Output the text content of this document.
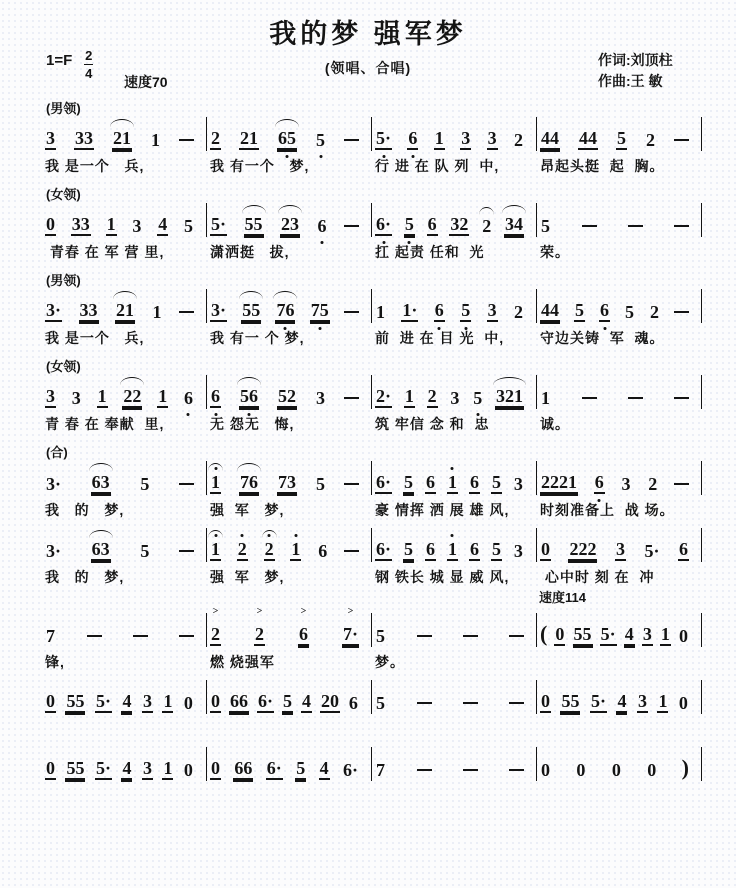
我的梦 强军梦
1=F 2
4
速度70
(领唱、合唱)	作词:刘顶柱
作曲:王 敏
(男领)
3 33 21 1
我 是一个   兵,
2 21 65 5
我 有一个   梦,
5· 6 1 3 3 2
行 进 在 队 列  中,
44 44 5 2
昂起头挺  起  胸。
(女领)
0 33 1 3 4 5
青春 在 军 营 里,
5· 55 23 6
潇洒挺   拔,
6· 5 6 32 2 34
扛 起责 任和  光
5
荣。
(男领)
3· 33 21 1
我 是一个   兵,
3· 55 76 75
我 有一 个 梦,
1 1· 6 5 3 2
前  进 在 目 光  中,
44 5 6 5 2
守边关铸  军  魂。
(女领)
3 3 1 22 1 6
青 春 在 奉献  里,
6 56 52 3
无 怨无   悔,
2· 1 2 3 5 321
筑 牢信 念 和  忠
1
诚。
(合)
3· 63 5
我   的   梦,
1 76 73 5
强  军   梦,
6· 5 6 1 6 5 3
豪 情挥 洒 展 雄 风,
2221 6 3 2
时刻准备上  战 场。
3· 63 5
我   的   梦,
1 2 2 1 6
强  军   梦,
6· 5 6 1 6 5 3
钢 铁长 城 显 威 风,
0 222 3 5· 6
心中时 刻 在  冲
速度114
7
锋,
>
2
>
2
>
6
>
7·
燃 烧强军
5
梦。
( 0 55 5· 4 3 1 0
0 55 5· 4 3 1 0 0 66 6· 5 4 20 6 5	0 55 5· 4 3 1 0
0 55 5· 4 3 1 0 0 66 6· 5 4 6· 7	0 0 0 0 )
